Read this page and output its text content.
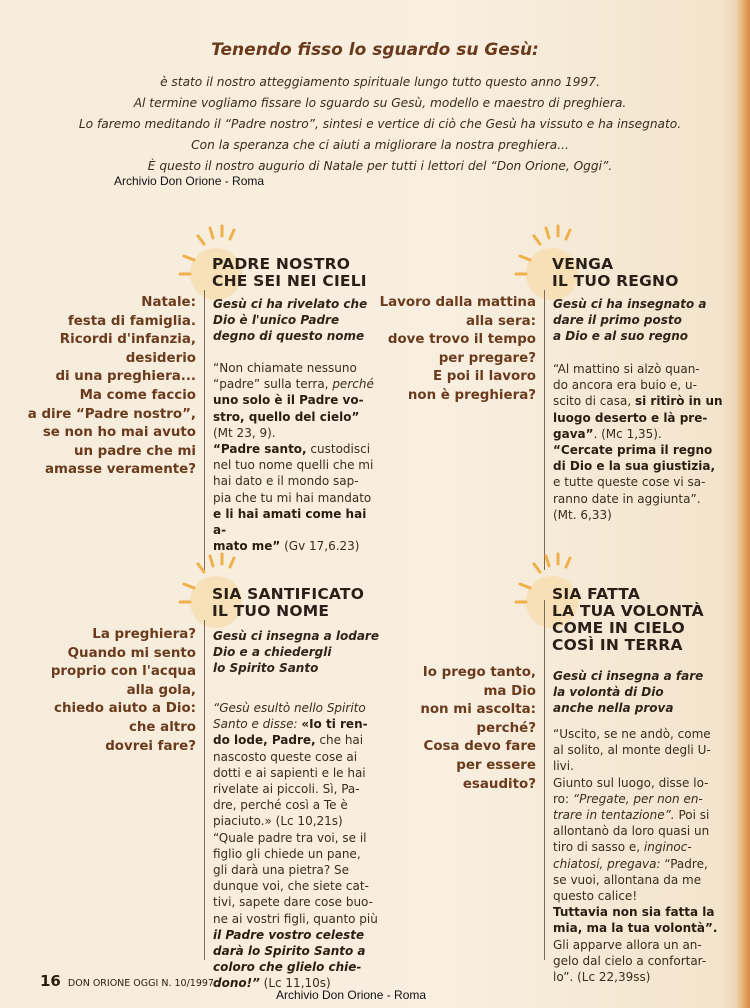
Tenendo fisso lo sguardo su Gesù:
è stato il nostro atteggiamento spirituale lungo tutto questo anno 1997.
Al termine vogliamo fissare lo sguardo su Gesù, modello e maestro di preghiera.
Lo faremo meditando il “Padre nostro”, sintesi e vertice di ciò che Gesù ha vissuto e ha insegnato.
Con la speranza che ci aiuti a migliorare la nostra preghiera...
È questo il nostro augurio di Natale per tutti i lettori del “Don Orione, Oggi”.
Archivio Don Orione - Roma
PADRE NOSTRO
CHE SEI NEI CIELI
Natale:
festa di famiglia.
Ricordi d'infanzia,
desiderio
di una preghiera...
Ma come faccio
a dire “Padre nostro”,
se non ho mai avuto
un padre che mi
amasse veramente?
Gesù ci ha rivelato che
Dio è l'unico Padre
degno di questo nome
“Non chiamate nessuno
“padre” sulla terra, perché
uno solo è il Padre vo-
stro, quello del cielo”
(Mt 23, 9).
“Padre santo, custodisci
nel tuo nome quelli che mi
hai dato e il mondo sap-
pia che tu mi hai mandato
e li hai amati come hai a-
mato me” (Gv 17,6.23)
VENGA
IL TUO REGNO
Lavoro dalla mattina
alla sera:
dove trovo il tempo
per pregare?
E poi il lavoro
non è preghiera?
Gesù ci ha insegnato a
dare il primo posto
a Dio e al suo regno
“Al mattino si alzò quan-
do ancora era buio e, u-
scito di casa, si ritirò in un
luogo deserto e là pre-
gava”. (Mc 1,35).
“Cercate prima il regno
di Dio e la sua giustizia,
e tutte queste cose vi sa-
ranno date in aggiunta”.
(Mt. 6,33)
SIA SANTIFICATO
IL TUO NOME
La preghiera?
Quando mi sento
proprio con l'acqua
alla gola,
chiedo aiuto a Dio:
che altro
dovrei fare?
Gesù ci insegna a lodare
Dio e a chiedergli
lo Spirito Santo
“Gesù esultò nello Spirito
Santo e disse: «Io ti ren-
do lode, Padre, che hai
nascosto queste cose ai
dotti e ai sapienti e le hai
rivelate ai piccoli. Sì, Pa-
dre, perché così a Te è
piaciuto.» (Lc 10,21s)
“Quale padre tra voi, se il
figlio gli chiede un pane,
gli darà una pietra? Se
dunque voi, che siete cat-
tivi, sapete dare cose buo-
ne ai vostri figli, quanto più
il Padre vostro celeste
darà lo Spirito Santo a
coloro che glielo chie-
dono!” (Lc 11,10s)
SIA FATTA
LA TUA VOLONTÀ
COME IN CIELO
COSÌ IN TERRA
Io prego tanto,
ma Dio
non mi ascolta:
perché?
Cosa devo fare
per essere
esaudito?
Gesù ci insegna a fare
la volontà di Dio
anche nella prova
“Uscito, se ne andò, come
al solito, al monte degli U-
livi.
Giunto sul luogo, disse lo-
ro: “Pregate, per non en-
trare in tentazione”. Poi si
allontanò da loro quasi un
tiro di sasso e, inginoc-
chiatosi, pregava: “Padre,
se vuoi, allontana da me
questo calice!
Tuttavia non sia fatta la
mia, ma la tua volontà”.
Gli apparve allora un an-
gelo dal cielo a confortar-
lo”. (Lc 22,39ss)
16 DON ORIONE OGGI N. 10/1997
Archivio Don Orione - Roma
